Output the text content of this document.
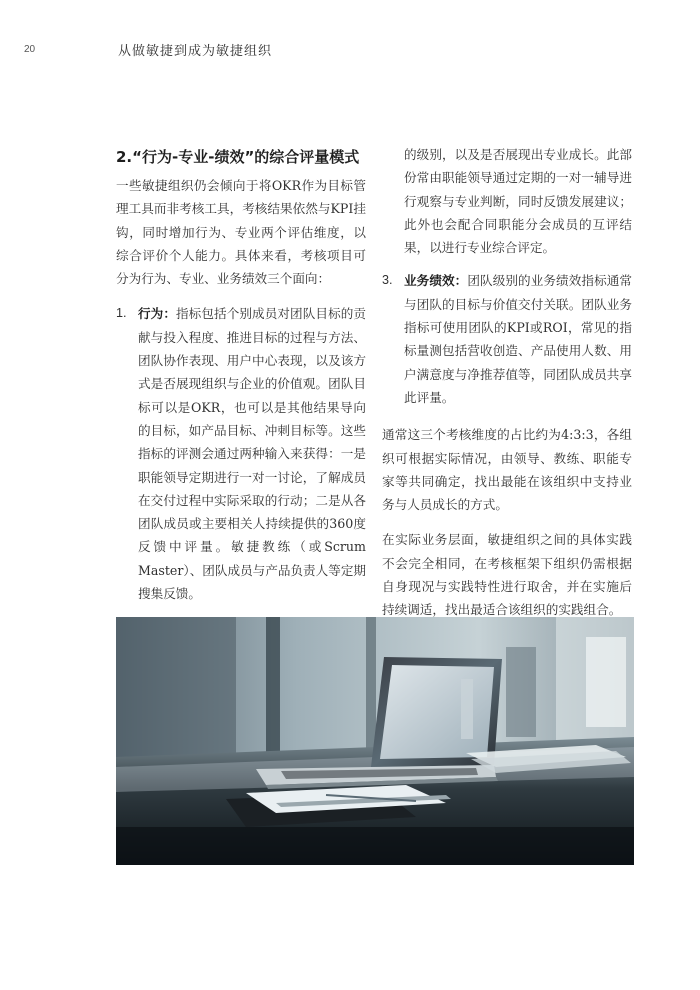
20	从做敏捷到成为敏捷组织
2.“行为-专业-绩效”的综合评量模式

一些敏捷组织仍会倾向于将OKR作为目标管理工具而非考核工具，考核结果依然与KPI挂钩，同时增加行为、专业两个评估维度，以综合评价个人能力。具体来看，考核项目可分为行为、专业、业务绩效三个面向：

1. 行为：指标包括个别成员对团队目标的贡献与投入程度、推进目标的过程与方法、团队协作表现、用户中心表现，以及该方式是否展现组织与企业的价值观。团队目标可以是OKR，也可以是其他结果导向的目标，如产品目标、冲刺目标等。这些指标的评测会通过两种输入来获得：一是职能领导定期进行一对一讨论，了解成员在交付过程中实际采取的行动；二是从各团队成员或主要相关人持续提供的360度反馈中评量。敏捷教练（或Scrum Master）、团队成员与产品负责人等定期搜集反馈。
的级别，以及是否展现出专业成长。此部份常由职能领导通过定期的一对一辅导进行观察与专业判断，同时反馈发展建议；此外也会配合同职能分会成员的互评结果，以进行专业综合评定。
3. 业务绩效：团队级别的业务绩效指标通常与团队的目标与价值交付关联。团队业务指标可使用团队的KPI或ROI，常见的指标量测包括营收创造、产品使用人数、用户满意度与净推荐值等，同团队成员共享此评量。

通常这三个考核维度的占比约为4:3:3，各组织可根据实际情况，由领导、教练、职能专家等共同确定，找出最能在该组织中支持业务与人员成长的方式。

在实际业务层面，敏捷组织之间的具体实践不会完全相同，在考核框架下组织仍需根据自身现况与实践特性进行取舍，并在实施后持续调适，找出最适合该组织的实践组合。
